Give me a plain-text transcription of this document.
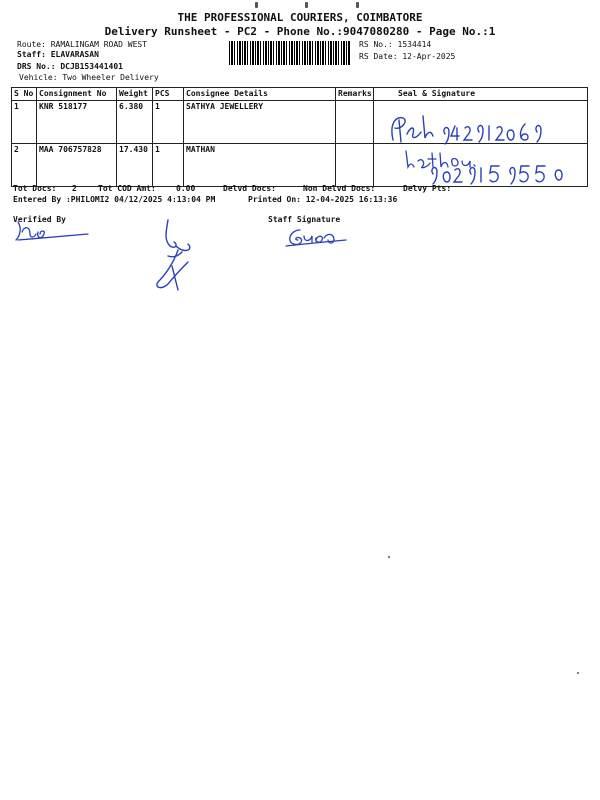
THE PROFESSIONAL COURIERS, COIMBATORE
Delivery Runsheet - PC2 - Phone No.:9047080280 - Page No.:1
Route: RAMALINGAM ROAD WEST
Staff: ELAVARASAN
DRS No.: DCJB153441401
Vehicle: Two Wheeler Delivery
RS No.: 1534414
RS Date: 12-Apr-2025
S No	Consignment No	Weight	PCS	Consignee Details	Remarks	Seal & Signature
1	KNR 518177	6.380	1	SATHYA JEWELLERY		
2	MAA 706757828	17.430	1	MATHAN		
Tot Docs: 2	Tot COD Amt:	0.00	Delvd Docs:	Non Delvd Docs:	Delvy Pts:
Entered By :PHILOMI2 04/12/2025 4:13:04 PM	Printed On: 12-04-2025 16:13:36
Verified By	Staff Signature
